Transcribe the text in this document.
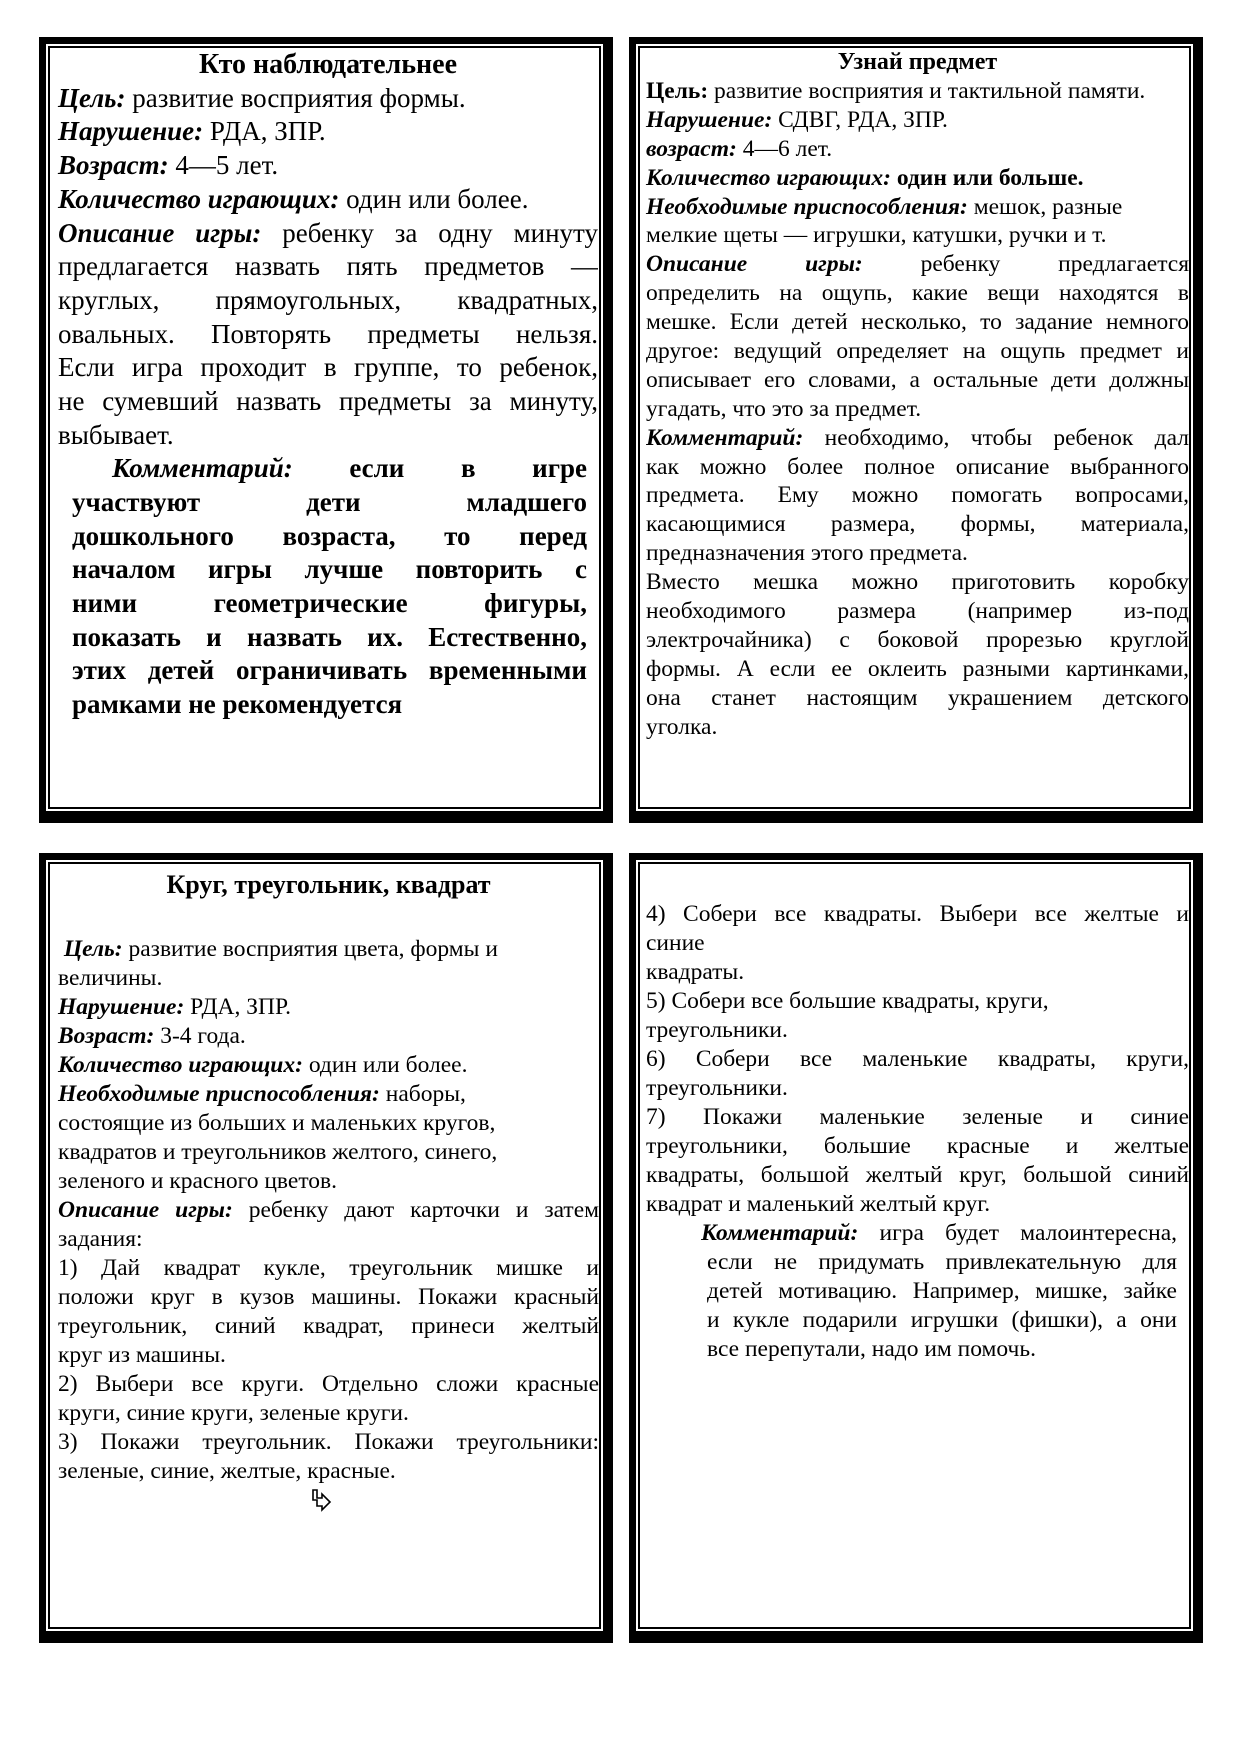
Кто наблюдательнее
Цель: развитие восприятия формы.
Нарушение: РДА, ЗПР.
Возраст: 4—5 лет.
Количество играющих: один или более.
Описание игры: ребенку за одну минуту
предлагается назвать пять предметов —
круглых, прямоугольных, квадратных,
овальных. Повторять предметы нельзя.
Если игра проходит в группе, то ребенок,
не сумевший назвать предметы за минуту,
выбывает.
Комментарий: если в игре
участвуют дети младшего
дошкольного возраста, то перед
началом игры лучше повторить с
ними геометрические фигуры,
показать и назвать их. Естественно,
этих детей ограничивать временными
рамками не рекомендуется
Узнай предмет
Цель: развитие восприятия и тактильной памяти.
Нарушение: СДВГ, РДА, ЗПР.
возраст: 4—6 лет.
Количество играющих: один или больше.
Необходимые приспособления: мешок, разные
мелкие щеты — игрушки, катушки, ручки и т.
Описание игры: ребенку предлагается
определить на ощупь, какие вещи находятся в
мешке. Если детей несколько, то задание немного
другое: ведущий определяет на ощупь предмет и
описывает его словами, а остальные дети должны
угадать, что это за предмет.
Комментарий: необходимо, чтобы ребенок дал
как можно более полное описание выбранного
предмета. Ему можно помогать вопросами,
касающимися размера, формы, материала,
предназначения этого предмета.
Вместо мешка можно приготовить коробку
необходимого размера (например из-под
электрочайника) с боковой прорезью круглой
формы. А если ее оклеить разными картинками,
она станет настоящим украшением детского
уголка.
Круг, треугольник, квадрат
Цель: развитие восприятия цвета, формы и
величины.
Нарушение: РДА, ЗПР.
Возраст: 3-4 года.
Количество играющих: один или более.
Необходимые приспособления: наборы,
состоящие из больших и маленьких кругов,
квадратов и треугольников желтого, синего,
зеленого и красного цветов.
Описание игры: ребенку дают карточки и затем
задания:
1) Дай квадрат кукле, треугольник мишке и
положи круг в кузов машины. Покажи красный
треугольник, синий квадрат, принеси желтый
круг из машины.
2) Выбери все круги. Отдельно сложи красные
круги, синие круги, зеленые круги.
3) Покажи треугольник. Покажи треугольники:
зеленые, синие, желтые, красные.
4) Собери все квадраты. Выбери все желтые и
синие
квадраты.
5) Собери все большие квадраты, круги,
треугольники.
6) Собери все маленькие квадраты, круги,
треугольники.
7) Покажи маленькие зеленые и синие
треугольники, большие красные и желтые
квадраты, большой желтый круг, большой синий
квадрат и маленький желтый круг.
Комментарий: игра будет малоинтересна,
если не придумать привлекательную для
детей мотивацию. Например, мишке, зайке
и кукле подарили игрушки (фишки), а они
все перепутали, надо им помочь.
